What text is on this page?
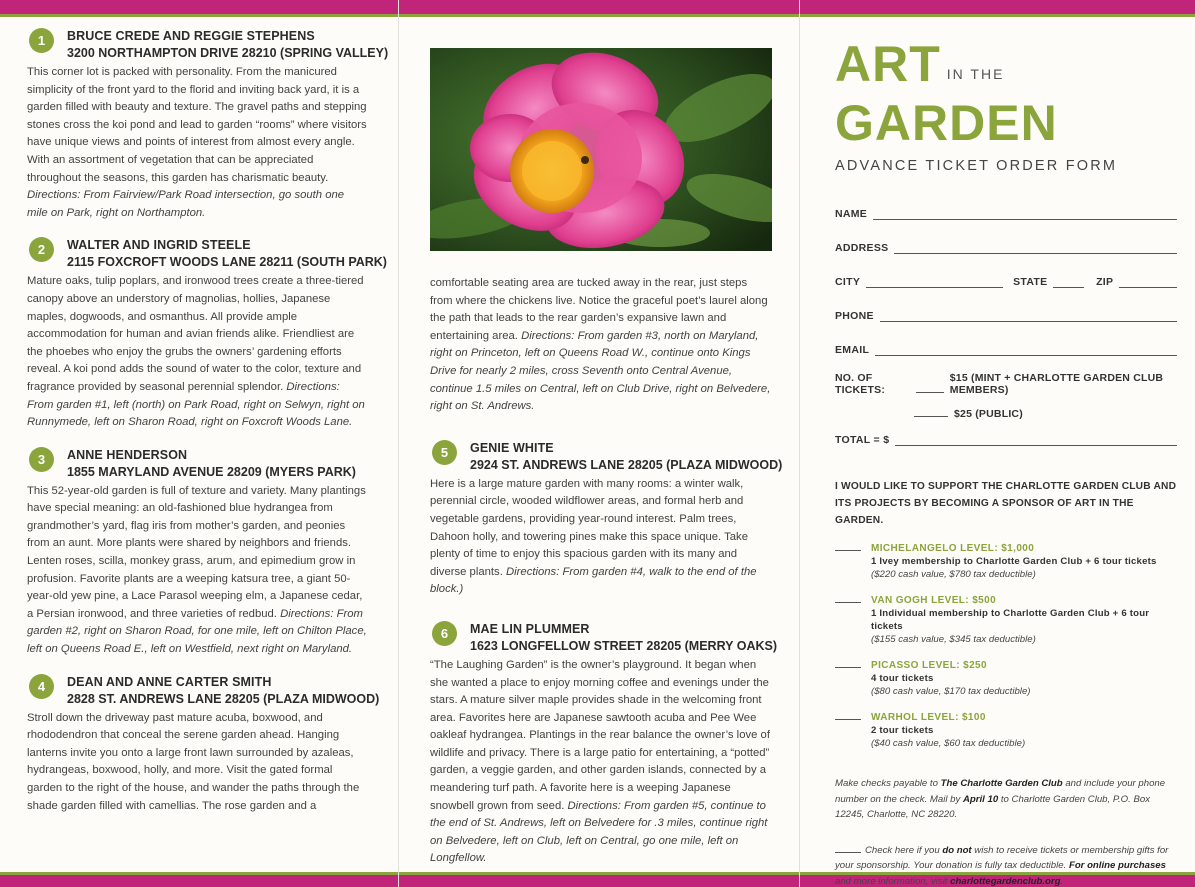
1	BRUCE CREDE AND REGGIE STEPHENS
3200 NORTHAMPTON DRIVE 28210 (SPRING VALLEY)
This corner lot is packed with personality. From the manicured simplicity of the front yard to the florid and inviting back yard, it is a garden filled with beauty and texture. The gravel paths and stepping stones cross the koi pond and lead to garden “rooms” where visitors have unique views and points of interest from almost every angle. With an assortment of vegetation that can be appreciated throughout the seasons, this garden has charismatic beauty. Directions: From Fairview/Park Road intersection, go south one mile on Park, right on Northampton.
2	WALTER AND INGRID STEELE
2115 FOXCROFT WOODS LANE 28211 (SOUTH PARK)
Mature oaks, tulip poplars, and ironwood trees create a three-tiered canopy above an understory of magnolias, hollies, Japanese maples, dogwoods, and osmanthus. All provide ample accommodation for human and avian friends alike. Friendliest are the phoebes who enjoy the grubs the owners’ gardening efforts reveal. A koi pond adds the sound of water to the color, texture and fragrance provided by seasonal perennial splendor. Directions: From garden #1, left (north) on Park Road, right on Selwyn, right on Runnymede, left on Sharon Road, right on Foxcroft Woods Lane.
3	ANNE HENDERSON
1855 MARYLAND AVENUE 28209 (MYERS PARK)
This 52-year-old garden is full of texture and variety. Many plantings have special meaning: an old-fashioned blue hydrangea from grandmother’s yard, flag iris from mother’s garden, and peonies from an aunt. More plants were shared by neighbors and friends. Lenten roses, scilla, monkey grass, arum, and epimedium grow in profusion. Favorite plants are a weeping katsura tree, a giant 50-year-old yew pine, a Lace Parasol weeping elm, a Japanese cedar, a Persian ironwood, and three varieties of redbud. Directions: From garden #2, right on Sharon Road, for one mile, left on Chilton Place, left on Queens Road E., left on Westfield, next right on Maryland.
4	DEAN AND ANNE CARTER SMITH
2828 ST. ANDREWS LANE 28205 (PLAZA MIDWOOD)
Stroll down the driveway past mature acuba, boxwood, and rhododendron that conceal the serene garden ahead. Hanging lanterns invite you onto a large front lawn surrounded by azaleas, hydrangeas, boxwood, holly, and more. Visit the gated formal garden to the right of the house, and wander the paths through the shade garden filled with camellias. The rose garden and a
comfortable seating area are tucked away in the rear, just steps from where the chickens live. Notice the graceful poet’s laurel along the path that leads to the rear garden’s expansive lawn and entertaining area. Directions: From garden #3, north on Maryland, right on Princeton, left on Queens Road W., continue onto Kings Drive for nearly 2 miles, cross Seventh onto Central Avenue, continue 1.5 miles on Central, left on Club Drive, right on Belvedere, right on St. Andrews.
5	GENIE WHITE
2924 ST. ANDREWS LANE 28205 (PLAZA MIDWOOD)
Here is a large mature garden with many rooms: a winter walk, perennial circle, wooded wildflower areas, and formal herb and vegetable gardens, providing year-round interest. Palm trees, Dahoon holly, and towering pines make this space unique. Take plenty of time to enjoy this spacious garden with its many and diverse plants. Directions: From garden #4, walk to the end of the block.)
6	MAE LIN PLUMMER
1623 LONGFELLOW STREET 28205 (MERRY OAKS)
“The Laughing Garden” is the owner’s playground. It began when she wanted a place to enjoy morning coffee and evenings under the stars. A mature silver maple provides shade in the welcoming front area. Favorites here are Japanese sawtooth acuba and Pee Wee oakleaf hydrangea. Plantings in the rear balance the owner’s love of wildlife and privacy. There is a large patio for entertaining, a “potted” garden, a veggie garden, and other garden islands, connected by a meandering turf path. A favorite here is a weeping Japanese snowbell grown from seed. Directions: From garden #5, continue to the end of St. Andrews, left on Belvedere for .3 miles, continue right on Belvedere, left on Club, left on Central, go one mile, left on Longfellow.
ART IN THE
GARDEN
ADVANCE TICKET ORDER FORM
NAME
ADDRESS
CITY	STATE	ZIP
PHONE
EMAIL
NO. OF TICKETS:
$15 (MINT + CHARLOTTE GARDEN CLUB MEMBERS)
$25 (PUBLIC)
TOTAL = $
I WOULD LIKE TO SUPPORT THE CHARLOTTE GARDEN CLUB AND ITS PROJECTS BY BECOMING A SPONSOR OF ART IN THE GARDEN.
MICHELANGELO LEVEL: $1,000
1 Ivey membership to Charlotte Garden Club + 6 tour tickets
($220 cash value, $780 tax deductible)
VAN GOGH LEVEL: $500
1 Individual membership to Charlotte Garden Club + 6 tour tickets
($155 cash value, $345 tax deductible)
PICASSO LEVEL: $250
4 tour tickets
($80 cash value, $170 tax deductible)
WARHOL LEVEL: $100
2 tour tickets
($40 cash value, $60 tax deductible)
Make checks payable to The Charlotte Garden Club and include your phone number on the check. Mail by April 10 to Charlotte Garden Club, P.O. Box 12245, Charlotte, NC 28220.
Check here if you do not wish to receive tickets or membership gifts for your sponsorship. Your donation is fully tax deductible. For online purchases and more information, visit charlottegardenclub.org.
